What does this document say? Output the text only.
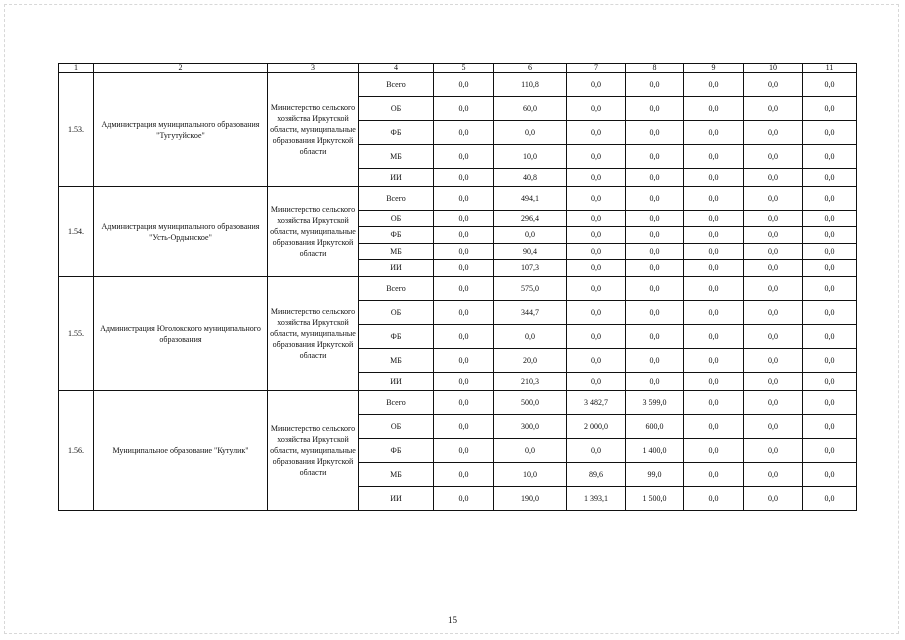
1	2	3	4	5	6	7	8	9	10	11
1.53.	Администрация муниципального образования "Тугутуйское"	Министерство сельского хозяйства Иркутской области, муниципальные образования Иркутской области	Всего	0,0	110,8	0,0	0,0	0,0	0,0	0,0
			ОБ	0,0	60,0	0,0	0,0	0,0	0,0	0,0
			ФБ	0,0	0,0	0,0	0,0	0,0	0,0	0,0
			МБ	0,0	10,0	0,0	0,0	0,0	0,0	0,0
			ИИ	0,0	40,8	0,0	0,0	0,0	0,0	0,0
1.54.	Администрация муниципального образования "Усть-Ордынское"	Министерство сельского хозяйства Иркутской области, муниципальные образования Иркутской области	Всего	0,0	494,1	0,0	0,0	0,0	0,0	0,0
			ОБ	0,0	296,4	0,0	0,0	0,0	0,0	0,0
			ФБ	0,0	0,0	0,0	0,0	0,0	0,0	0,0
			МБ	0,0	90,4	0,0	0,0	0,0	0,0	0,0
			ИИ	0,0	107,3	0,0	0,0	0,0	0,0	0,0
1.55.	Администрация Юголокского муниципального образования	Министерство сельского хозяйства Иркутской области, муниципальные образования Иркутской области	Всего	0,0	575,0	0,0	0,0	0,0	0,0	0,0
			ОБ	0,0	344,7	0,0	0,0	0,0	0,0	0,0
			ФБ	0,0	0,0	0,0	0,0	0,0	0,0	0,0
			МБ	0,0	20,0	0,0	0,0	0,0	0,0	0,0
			ИИ	0,0	210,3	0,0	0,0	0,0	0,0	0,0
1.56.	Муниципальное образование "Кутулик"	Министерство сельского хозяйства Иркутской области, муниципальные образования Иркутской области	Всего	0,0	500,0	3 482,7	3 599,0	0,0	0,0	0,0
			ОБ	0,0	300,0	2 000,0	600,0	0,0	0,0	0,0
			ФБ	0,0	0,0	0,0	1 400,0	0,0	0,0	0,0
			МБ	0,0	10,0	89,6	99,0	0,0	0,0	0,0
			ИИ	0,0	190,0	1 393,1	1 500,0	0,0	0,0	0,0
15
